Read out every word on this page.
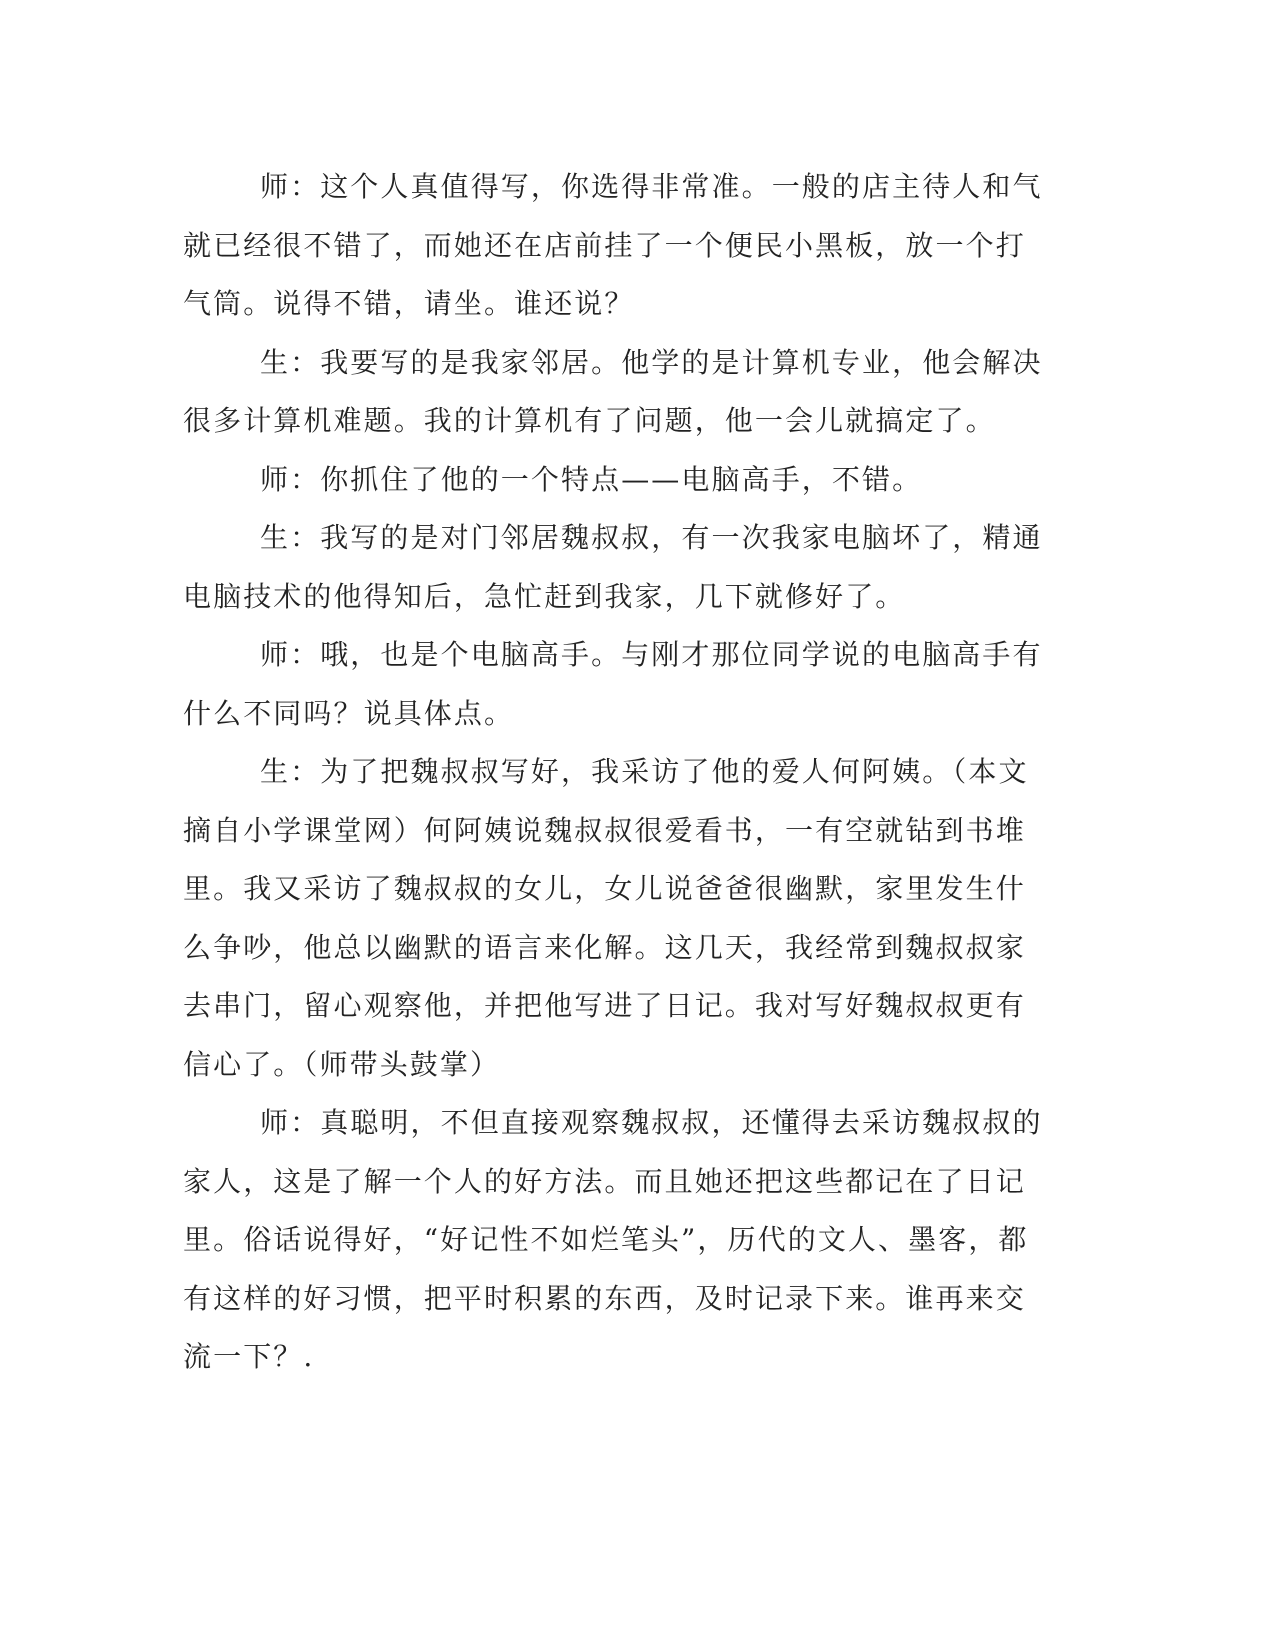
师：这个人真值得写，你选得非常准。一般的店主待人和气就已经很不错了，而她还在店前挂了一个便民小黑板，放一个打气筒。说得不错，请坐。谁还说？

生：我要写的是我家邻居。他学的是计算机专业，他会解决很多计算机难题。我的计算机有了问题，他一会儿就搞定了。

师：你抓住了他的一个特点——电脑高手，不错。

生：我写的是对门邻居魏叔叔，有一次我家电脑坏了，精通电脑技术的他得知后，急忙赶到我家，几下就修好了。

师：哦，也是个电脑高手。与刚才那位同学说的电脑高手有什么不同吗？说具体点。

生：为了把魏叔叔写好，我采访了他的爱人何阿姨。（本文摘自小学课堂网）何阿姨说魏叔叔很爱看书，一有空就钻到书堆里。我又采访了魏叔叔的女儿，女儿说爸爸很幽默，家里发生什么争吵，他总以幽默的语言来化解。这几天，我经常到魏叔叔家去串门，留心观察他，并把他写进了日记。我对写好魏叔叔更有信心了。（师带头鼓掌）

师：真聪明，不但直接观察魏叔叔，还懂得去采访魏叔叔的家人，这是了解一个人的好方法。而且她还把这些都记在了日记里。俗话说得好，“好记性不如烂笔头”，历代的文人、墨客，都有这样的好习惯，把平时积累的东西，及时记录下来。谁再来交流一下？.
